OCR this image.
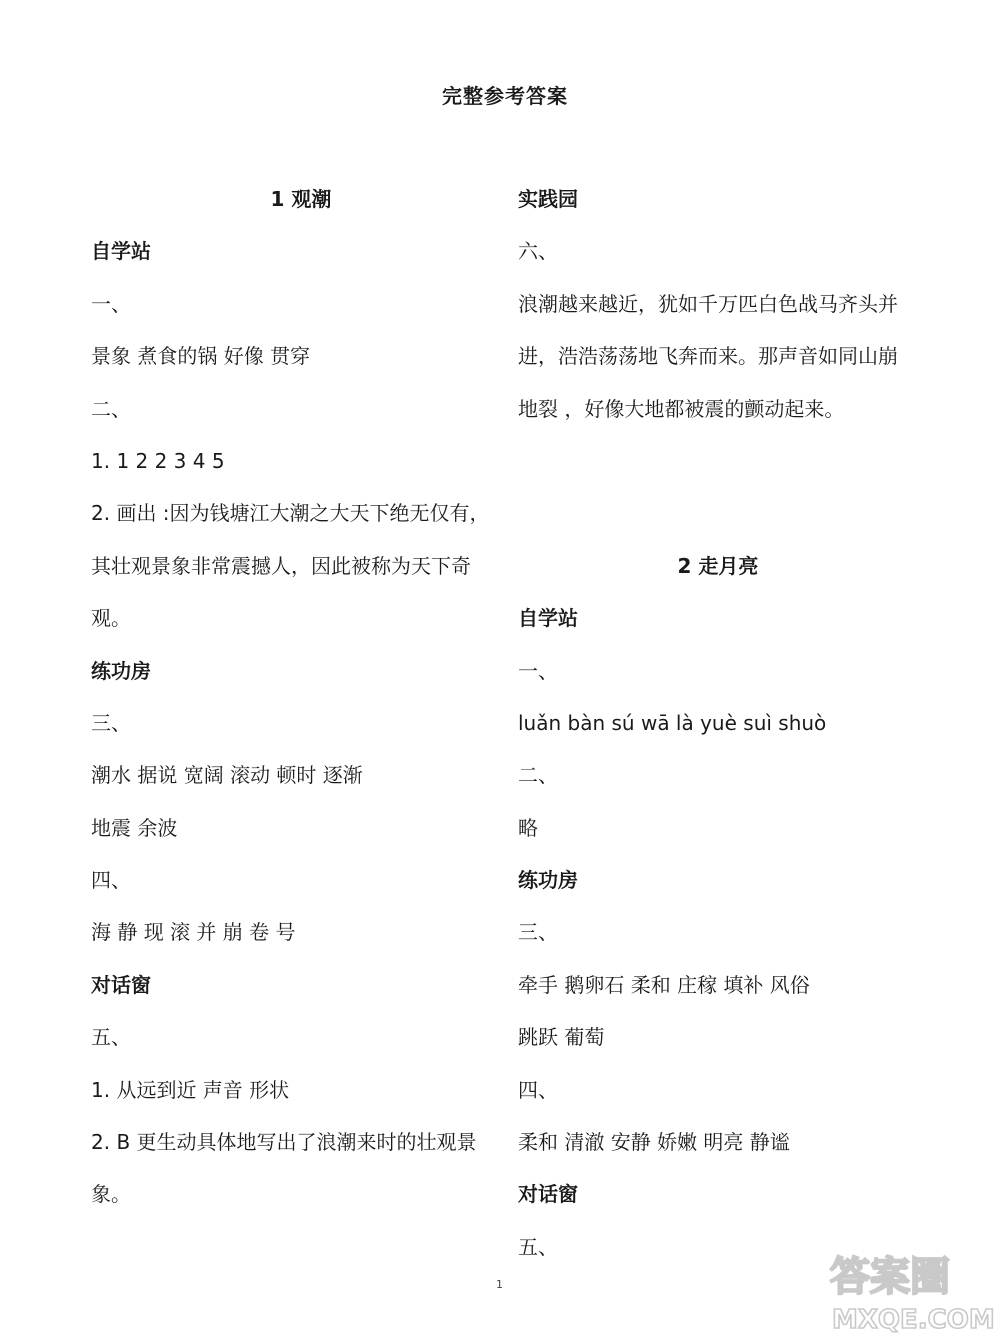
完整参考答案
1 观潮
自学站
一、
景象 煮食的锅 好像 贯穿
二、
1. 1 2 2 3 4 5
2. 画出 :因为钱塘江大潮之大天下绝无仅有，
其壮观景象非常震撼人，因此被称为天下奇
观。
练功房
三、
潮水 据说 宽阔 滚动 顿时 逐渐
地震 余波
四、
海 静 现 滚 并 崩 卷 号
对话窗
五、
1. 从远到近 声音 形状
2. B 更生动具体地写出了浪潮来时的壮观景
象。
实践园
六、
浪潮越来越近，犹如千万匹白色战马齐头并
进，浩浩荡荡地飞奔而来。那声音如同山崩
地裂 ，好像大地都被震的颤动起来。
2 走月亮
自学站
一、
luǎn bàn sú wā là yuè suì shuò
二、
略
练功房
三、
牵手 鹅卵石 柔和 庄稼 填补 风俗
跳跃 葡萄
四、
柔和 清澈 安静 娇嫩 明亮 静谧
对话窗
五、
1	答案圈
MXQE.COM
